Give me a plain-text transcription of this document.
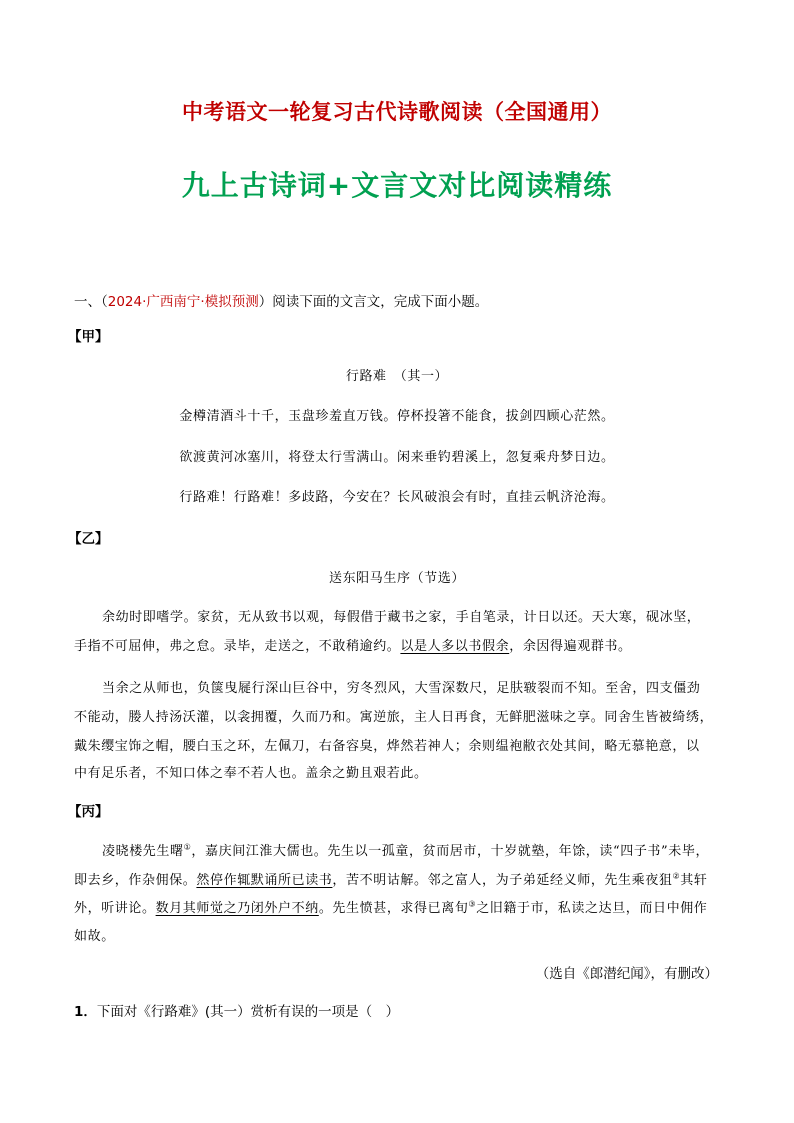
中考语文一轮复习古代诗歌阅读（全国通用）
九上古诗词+文言文对比阅读精练
一、（2024·广西南宁·模拟预测）阅读下面的文言文，完成下面小题。
【甲】
行路难　（其一）
金樽清酒斗十千，玉盘珍羞直万钱。停杯投箸不能食，拔剑四顾心茫然。
欲渡黄河冰塞川，将登太行雪满山。闲来垂钓碧溪上，忽复乘舟梦日边。
行路难！行路难！多歧路，今安在？长风破浪会有时，直挂云帆济沧海。
【乙】
送东阳马生序（节选）
余幼时即嗜学。家贫，无从致书以观，每假借于藏书之家，手自笔录，计日以还。天大寒，砚冰坚，
手指不可屈伸，弗之怠。录毕，走送之，不敢稍逾约。以是人多以书假余，余因得遍观群书。
当余之从师也，负箧曳屣行深山巨谷中，穷冬烈风，大雪深数尺，足肤皲裂而不知。至舍，四支僵劲
不能动，媵人持汤沃灌，以衾拥覆，久而乃和。寓逆旅，主人日再食，无鲜肥滋味之享。同舍生皆被绮绣，
戴朱缨宝饰之帽，腰白玉之环，左佩刀，右备容臭，烨然若神人；余则缊袍敝衣处其间，略无慕艳意，以
中有足乐者，不知口体之奉不若人也。盖余之勤且艰若此。
【丙】
凌晓楼先生曙①，嘉庆间江淮大儒也。先生以一孤童，贫而居市，十岁就塾，年馀，读“四子书”未毕，
即去乡，作杂佣保。然停作辄默诵所已读书，苦不明诂解。邻之富人，为子弟延经义师，先生乘夜狙②其轩
外，听讲论。数月其师觉之乃闭外户不纳。先生愤甚，求得已离旬③之旧籍于市，私读之达旦，而日中佣作
如故。
（选自《郎潜纪闻》，有删改）
1．下面对《行路难》(其一）赏析有误的一项是（　）
